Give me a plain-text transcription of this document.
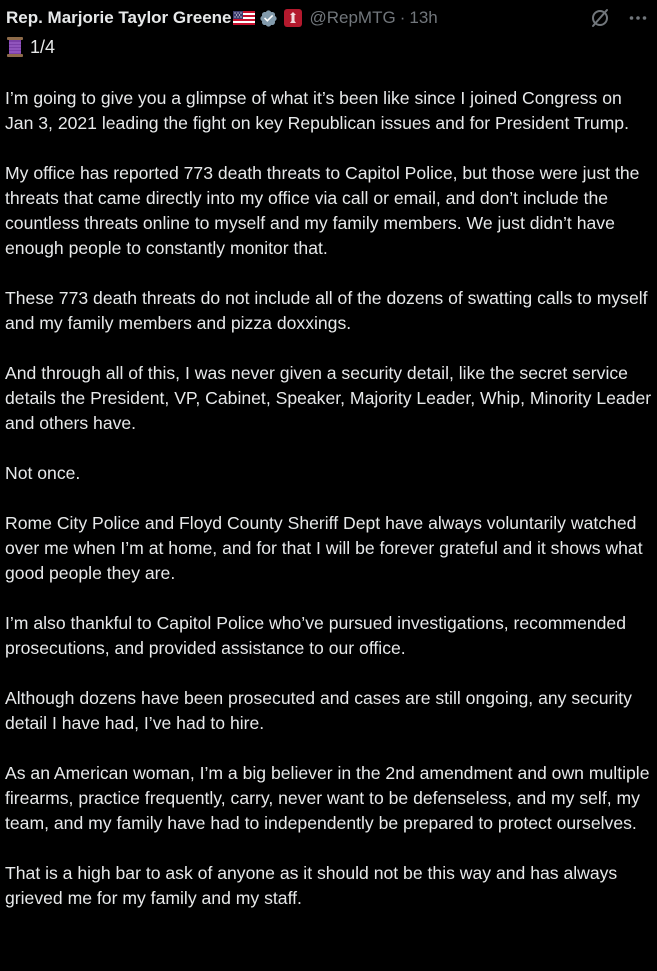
Rep. Marjorie Taylor Greene	@RepMTG · 13h
1/4

I’m going to give you a glimpse of what it’s been like since I joined Congress on Jan 3, 2021 leading the fight on key Republican issues and for President Trump.

My office has reported 773 death threats to Capitol Police, but those were just the threats that came directly into my office via call or email, and don’t include the countless threats online to myself and my family members. We just didn’t have enough people to constantly monitor that.

These 773 death threats do not include all of the dozens of swatting calls to myself and my family members and pizza doxxings.

And through all of this, I was never given a security detail, like the secret service details the President, VP, Cabinet, Speaker, Majority Leader, Whip, Minority Leader and others have.

Not once.

Rome City Police and Floyd County Sheriff Dept have always voluntarily watched over me when I’m at home, and for that I will be forever grateful and it shows what good people they are.

I’m also thankful to Capitol Police who’ve pursued investigations, recommended prosecutions, and provided assistance to our office.

Although dozens have been prosecuted and cases are still ongoing, any security detail I have had, I’ve had to hire.

As an American woman, I’m a big believer in the 2nd amendment and own multiple firearms, practice frequently, carry, never want to be defenseless, and my self, my team, and my family have had to independently be prepared to protect ourselves.

That is a high bar to ask of anyone as it should not be this way and has always grieved me for my family and my staff.
